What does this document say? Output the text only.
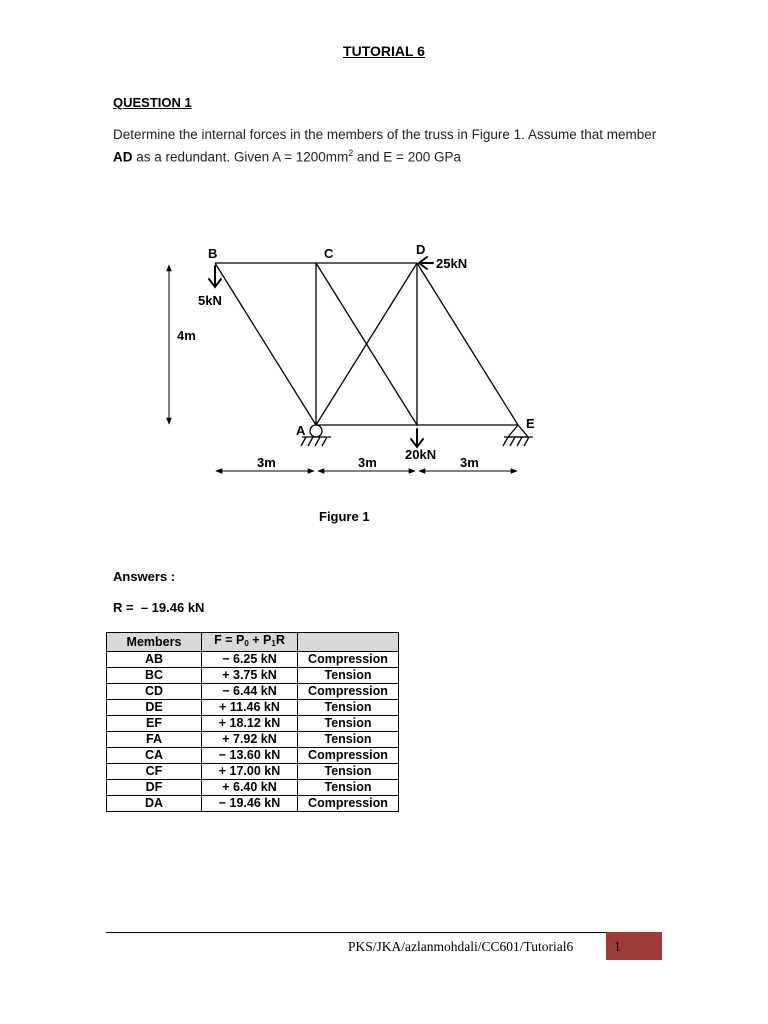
TUTORIAL 6
QUESTION 1
Determine the internal forces in the members of the truss in Figure 1. Assume that member AD as a redundant. Given $A = 1200mm^2$ and E = 200 GPa
B	C	D
A	E
5kN
25kN
20kN
4m
3m	3m	3m
Figure 1
Answers :
R = – 19.46 kN
Members	$F = P_0 + P_1R$	
AB	− 6.25 kN	Compression
BC	+ 3.75 kN	Tension
CD	− 6.44 kN	Compression
DE	+ 11.46 kN	Tension
EF	+ 18.12 kN	Tension
FA	+ 7.92 kN	Tension
CA	− 13.60 kN	Compression
CF	+ 17.00 kN	Tension
DF	+ 6.40 kN	Tension
DA	− 19.46 kN	Compression
PKS/JKA/azlanmohdali/CC601/Tutorial6	1
